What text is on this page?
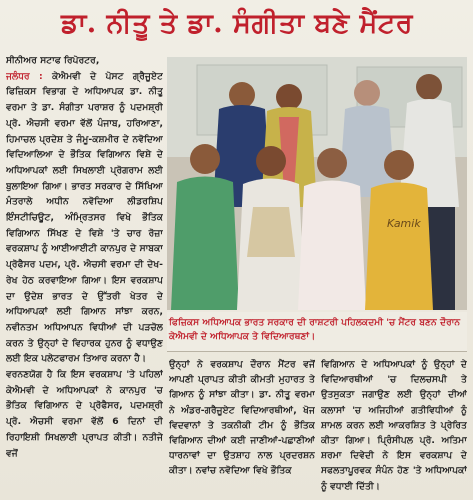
ਡਾ. ਨੀਤੂ ਤੇ ਡਾ. ਸੰਗੀਤਾ ਬਣੇ ਮੈਂਟਰ

ਸੀਨੀਅਰ ਸਟਾਫ ਰਿਪੋਰਟਰ,
ਜਲੰਧਰ : ਕੇਐਮਵੀ ਦੇ ਪੋਸਟ ਗ੍ਰੈਜੂਏਟ ਫਿਜ਼ਿਕਸ ਵਿਭਾਗ ਦੇ ਅਧਿਆਪਕ ਡਾ. ਨੀਤੂ ਵਰਮਾ ਤੇ ਡਾ. ਸੰਗੀਤਾ ਪਰਾਸ਼ਰ ਨੂੰ ਪਦਮਸ਼੍ਰੀ ਪ੍ਰੋ. ਐਚਸੀ ਵਰਮਾ ਵੱਲੋਂ ਪੰਜਾਬ, ਹਰਿਆਣਾ, ਹਿਮਾਚਲ ਪ੍ਰਦੇਸ਼ ਤੇ ਜੰਮੂ-ਕਸ਼ਮੀਰ ਦੇ ਨਵੋਦਿਆ ਵਿਦਿਆਲਿਆ ਦੇ ਭੌਤਿਕ ਵਿਗਿਆਨ ਵਿਸ਼ੇ ਦੇ ਅਧਿਆਪਕਾਂ ਲਈ ਸਿਖਲਾਈ ਪ੍ਰੋਗਰਾਮ ਲਈ ਬੁਲਾਇਆ ਗਿਆ। ਭਾਰਤ ਸਰਕਾਰ ਦੇ ਸਿੱਖਿਆ ਮੰਤਰਾਲੇ ਅਧੀਨ ਨਵੋਦਿਆ ਲੀਡਰਸ਼ਿਪ ਇੰਸਟੀਚਿਊਟ, ਅੰਮ੍ਰਿਤਸਰ ਵਿਖੇ ਭੌਤਿਕ ਵਿਗਿਆਨ ਸਿੱਖਣ ਦੇ ਵਿਸ਼ੇ 'ਤੇ ਚਾਰ ਰੋਜ਼ਾ ਵਰਕਸ਼ਾਪ ਨੂੰ ਆਈਆਈਟੀ ਕਾਨਪੁਰ ਦੇ ਸਾਬਕਾ ਪ੍ਰੋਫੈਸਰ ਪਦਮ, ਪ੍ਰੋ. ਐਚਸੀ ਵਰਮਾ ਦੀ ਦੇਖ-ਰੇਖ ਹੇਠ ਕਰਵਾਇਆ ਗਿਆ। ਇਸ ਵਰਕਸ਼ਾਪ ਦਾ ਉਦੇਸ਼ ਭਾਰਤ ਦੇ ਉੱਤਰੀ ਖੇਤਰ ਦੇ ਅਧਿਆਪਕਾਂ ਲਈ ਗਿਆਨ ਸਾਂਝਾ ਕਰਨ, ਨਵੀਨਤਮ ਅਧਿਆਪਨ ਵਿਧੀਆਂ ਦੀ ਪੜਚੋਲ ਕਰਨ ਤੇ ਉਨ੍ਹਾਂ ਦੇ ਵਿਹਾਰਕ ਹੁਨਰ ਨੂੰ ਵਧਾਉਣ ਲਈ ਇਕ ਪਲੇਟਫਾਰਮ ਤਿਆਰ ਕਰਨਾ ਹੈ।

ਵਰਨਣਯੋਗ ਹੈ ਕਿ ਇਸ ਵਰਕਸ਼ਾਪ 'ਤੇ ਪਹਿਲਾਂ ਕੇਐਮਵੀ ਦੇ ਅਧਿਆਪਕਾਂ ਨੇ ਕਾਨਪੁਰ 'ਚ ਭੌਤਿਕ ਵਿਗਿਆਨ ਦੇ ਪ੍ਰੋਫੈਸਰ, ਪਦਮਸ਼੍ਰੀ ਪ੍ਰੋ. ਐਚਸੀ ਵਰਮਾ ਵੱਲੋਂ 6 ਦਿਨਾਂ ਦੀ ਰਿਹਾਇਸ਼ੀ ਸਿਖਲਾਈ ਪ੍ਰਾਪਤ ਕੀਤੀ। ਨਤੀਜੇ ਵਜੋਂ

Kamik
ਫਿਜ਼ਿਕਸ ਅਧਿਆਪਕ ਭਾਰਤ ਸਰਕਾਰ ਦੀ ਰਾਸ਼ਟਰੀ ਪਹਿਲਕਦਮੀ 'ਚ ਮੈਂਟਰ ਬਣਨ ਦੌਰਾਨ ਕੇਐਮਵੀ ਦੇ ਅਧਿਆਪਕ ਤੇ ਵਿਦਿਆਰਥਣਾਂ।
ਉਨ੍ਹਾਂ ਨੇ ਵਰਕਸ਼ਾਪ ਦੌਰਾਨ ਮੈਂਟਰ ਵਜੋਂ ਆਪਣੀ ਪ੍ਰਾਪਤ ਕੀਤੀ ਕੀਮਤੀ ਮੁਹਾਰਤ ਤੇ ਗਿਆਨ ਨੂੰ ਸਾਂਝਾ ਕੀਤਾ। ਡਾ. ਨੀਤੂ ਵਰਮਾ ਨੇ ਅੰਡਰ-ਗਰੈਜੂਏਟ ਵਿਦਿਆਰਥੀਆਂ, ਖੋਜ ਵਿਦਵਾਨਾਂ ਤੇ ਤਕਨੀਕੀ ਟੀਮ ਨੂੰ ਭੌਤਿਕ ਵਿਗਿਆਨ ਦੀਆਂ ਕਈ ਜਾਣੀਆਂ-ਪਛਾਣੀਆਂ ਧਾਰਨਾਵਾਂ ਦਾ ਉਤਸ਼ਾਹ ਨਾਲ ਪ੍ਰਦਰਸ਼ਨ ਕੀਤਾ। ਨਵਾਂਚ ਨਵੋਦਿਆ ਵਿਖੇ ਭੌਤਿਕ
ਵਿਗਿਆਨ ਦੇ ਅਧਿਆਪਕਾਂ ਨੂੰ ਉਨ੍ਹਾਂ ਦੇ ਵਿਦਿਆਰਥੀਆਂ 'ਚ ਦਿਲਚਸਪੀ ਤੇ ਉਤਸੁਕਤਾ ਜਗਾਉਣ ਲਈ ਉਨ੍ਹਾਂ ਦੀਆਂ ਕਲਾਸਾਂ 'ਚ ਅਜਿਹੀਆਂ ਗਤੀਵਿਧੀਆਂ ਨੂੰ ਸ਼ਾਮਲ ਕਰਨ ਲਈ ਆਕਰਸ਼ਿਤ ਤੇ ਪ੍ਰੇਰਿਤ ਕੀਤਾ ਗਿਆ। ਪ੍ਰਿੰਸੀਪਲ ਪ੍ਰੋ. ਅਤਿਮਾ ਸ਼ਰਮਾ ਦਿਵੇਦੀ ਨੇ ਇਸ ਵਰਕਸ਼ਾਪ ਦੇ ਸਫਲਤਾਪੂਰਵਕ ਸੰਪੰਨ ਹੋਣ 'ਤੇ ਅਧਿਆਪਕਾਂ ਨੂੰ ਵਧਾਈ ਦਿੱਤੀ।
